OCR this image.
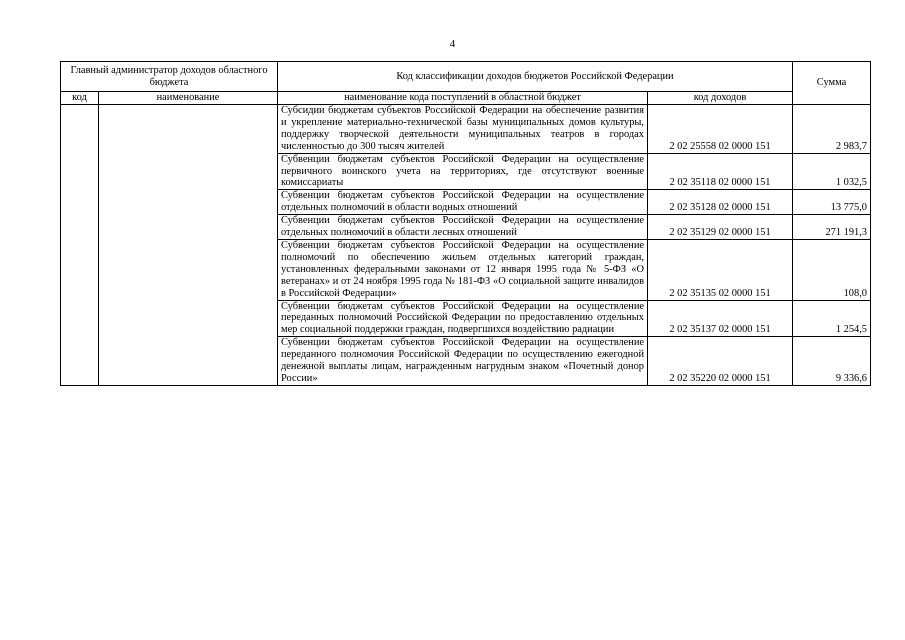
4
Главный администратор доходов областного бюджета		Код классификации доходов бюджетов Российской Федерации		Сумма
код	наименование	наименование кода поступлений в областной бюджет	код доходов	
		Субсидии бюджетам субъектов Российской Федерации на обеспечение развития и укрепление материально-технической базы муниципальных домов культуры, поддержку творческой деятельности муниципальных театров в городах численностью до 300 тысяч жителей	2 02 25558 02 0000 151	2 983,7
		Субвенции бюджетам субъектов Российской Федерации на осуществление первичного воинского учета на территориях, где отсутствуют военные комиссариаты	2 02 35118 02 0000 151	1 032,5
		Субвенции бюджетам субъектов Российской Федерации на осуществление отдельных полномочий в области водных отношений	2 02 35128 02 0000 151	13 775,0
		Субвенции бюджетам субъектов Российской Федерации на осуществление отдельных полномочий в области лесных отношений	2 02 35129 02 0000 151	271 191,3
		Субвенции бюджетам субъектов Российской Федерации на осуществление полномочий по обеспечению жильем отдельных категорий граждан, установленных федеральными законами от 12 января 1995 года № 5-ФЗ «О ветеранах» и от 24 ноября 1995 года № 181-ФЗ «О социальной защите инвалидов в Российской Федерации»	2 02 35135 02 0000 151	108,0
		Субвенции бюджетам субъектов Российской Федерации на осуществление переданных полномочий Российской Федерации по предоставлению отдельных мер социальной поддержки граждан, подвергшихся воздействию радиации	2 02 35137 02 0000 151	1 254,5
		Субвенции бюджетам субъектов Российской Федерации на осуществление переданного полномочия Российской Федерации по осуществлению ежегодной денежной выплаты лицам, награжденным нагрудным знаком «Почетный донор России»	2 02 35220 02 0000 151	9 336,6
